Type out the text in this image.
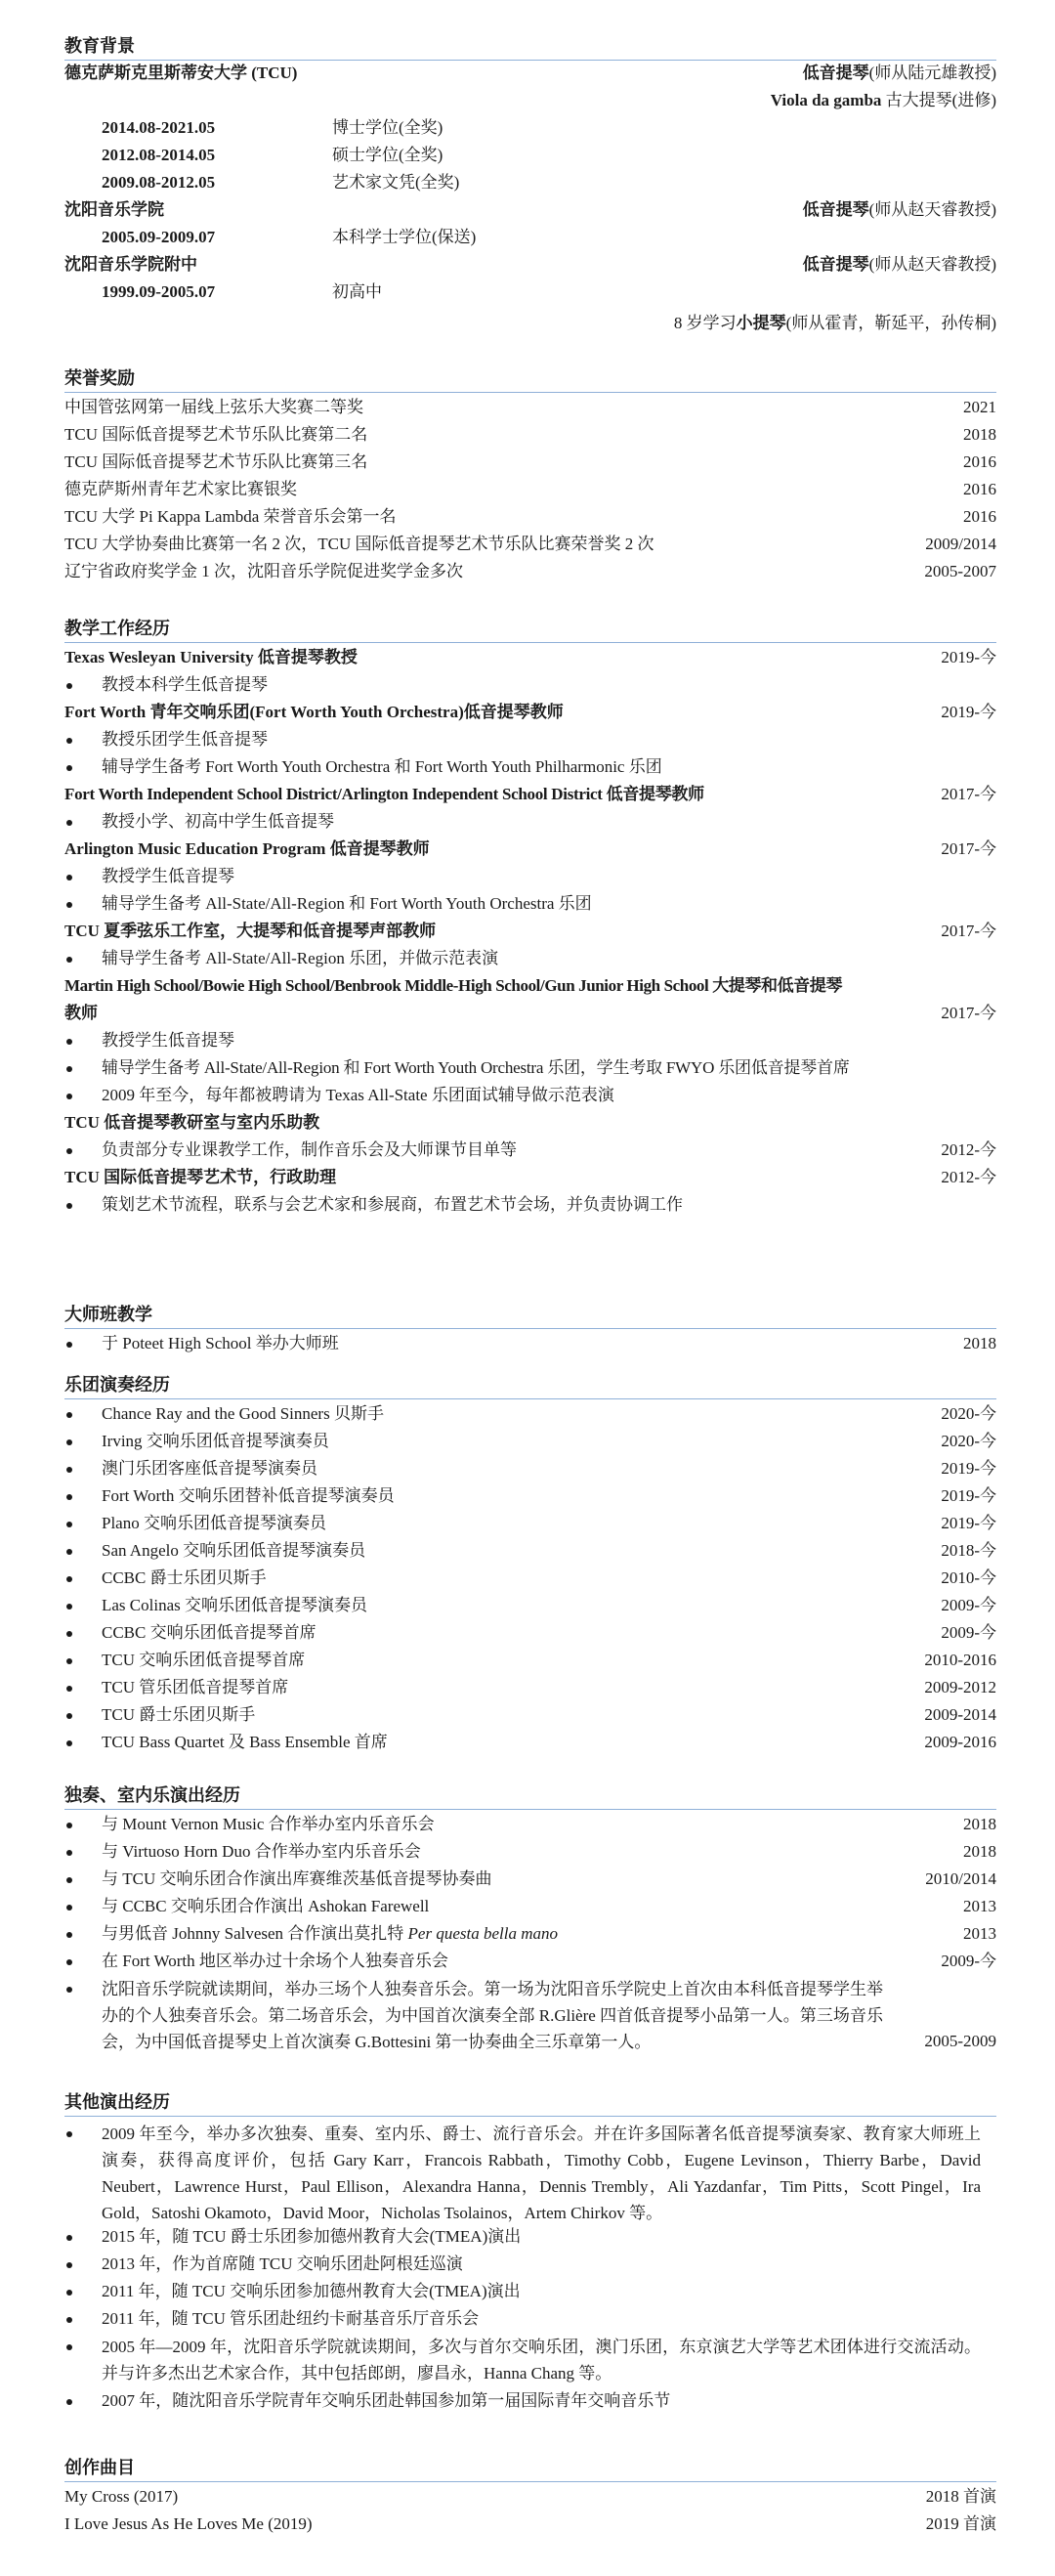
教育背景
德克萨斯克里斯蒂安大学 (TCU)	低音提琴(师从陆元雄教授)
Viola da gamba 古大提琴(进修)
2014.08-2021.05	博士学位(全奖)
2012.08-2014.05	硕士学位(全奖)
2009.08-2012.05	艺术家文凭(全奖)
沈阳音乐学院	低音提琴(师从赵天睿教授)
2005.09-2009.07	本科学士学位(保送)
沈阳音乐学院附中	低音提琴(师从赵天睿教授)
1999.09-2005.07	初高中
8 岁学习小提琴(师从霍青，靳延平，孙传桐)
荣誉奖励
中国管弦网第一届线上弦乐大奖赛二等奖	2021
TCU 国际低音提琴艺术节乐队比赛第二名	2018
TCU 国际低音提琴艺术节乐队比赛第三名	2016
德克萨斯州青年艺术家比赛银奖	2016
TCU 大学 Pi Kappa Lambda 荣誉音乐会第一名	2016
TCU 大学协奏曲比赛第一名 2 次，TCU 国际低音提琴艺术节乐队比赛荣誉奖 2 次	2009/2014
辽宁省政府奖学金 1 次，沈阳音乐学院促进奖学金多次	2005-2007
教学工作经历
Texas Wesleyan University 低音提琴教授	2019-今
教授本科学生低音提琴
Fort Worth 青年交响乐团(Fort Worth Youth Orchestra)低音提琴教师	2019-今
教授乐团学生低音提琴
辅导学生备考 Fort Worth Youth Orchestra 和 Fort Worth Youth Philharmonic 乐团
Fort Worth Independent School District/Arlington Independent School District 低音提琴教师	2017-今
教授小学、初高中学生低音提琴
Arlington Music Education Program 低音提琴教师	2017-今
教授学生低音提琴
辅导学生备考 All-State/All-Region 和 Fort Worth Youth Orchestra 乐团
TCU 夏季弦乐工作室，大提琴和低音提琴声部教师	2017-今
辅导学生备考 All-State/All-Region 乐团，并做示范表演
Martin High School/Bowie High School/Benbrook Middle-High School/Gun Junior High School 大提琴和低音提琴
教师	2017-今
教授学生低音提琴
辅导学生备考 All-State/All-Region 和 Fort Worth Youth Orchestra 乐团，学生考取 FWYO 乐团低音提琴首席
2009 年至今，每年都被聘请为 Texas All-State 乐团面试辅导做示范表演
TCU 低音提琴教研室与室内乐助教
负责部分专业课教学工作，制作音乐会及大师课节目单等	2012-今
TCU 国际低音提琴艺术节，行政助理	2012-今
策划艺术节流程，联系与会艺术家和参展商，布置艺术节会场，并负责协调工作
大师班教学
于 Poteet High School 举办大师班	2018
乐团演奏经历
Chance Ray and the Good Sinners 贝斯手	2020-今
Irving 交响乐团低音提琴演奏员	2020-今
澳门乐团客座低音提琴演奏员	2019-今
Fort Worth 交响乐团替补低音提琴演奏员	2019-今
Plano 交响乐团低音提琴演奏员	2019-今
San Angelo 交响乐团低音提琴演奏员	2018-今
CCBC 爵士乐团贝斯手	2010-今
Las Colinas 交响乐团低音提琴演奏员	2009-今
CCBC 交响乐团低音提琴首席	2009-今
TCU 交响乐团低音提琴首席	2010-2016
TCU 管乐团低音提琴首席	2009-2012
TCU 爵士乐团贝斯手	2009-2014
TCU Bass Quartet 及 Bass Ensemble 首席	2009-2016
独奏、室内乐演出经历
与 Mount Vernon Music 合作举办室内乐音乐会	2018
与 Virtuoso Horn Duo 合作举办室内乐音乐会	2018
与 TCU 交响乐团合作演出库赛维茨基低音提琴协奏曲	2010/2014
与 CCBC 交响乐团合作演出 Ashokan Farewell	2013
与男低音 Johnny Salvesen 合作演出莫扎特 Per questa bella mano	2013
在 Fort Worth 地区举办过十余场个人独奏音乐会	2009-今
沈阳音乐学院就读期间，举办三场个人独奏音乐会。第一场为沈阳音乐学院史上首次由本科低音提琴学生举办的个人独奏音乐会。第二场音乐会，为中国首次演奏全部 R.Glière 四首低音提琴小品第一人。第三场音乐会，为中国低音提琴史上首次演奏 G.Bottesini 第一协奏曲全三乐章第一人。	2005-2009
其他演出经历
2009 年至今，举办多次独奏、重奏、室内乐、爵士、流行音乐会。并在许多国际著名低音提琴演奏家、教育家大师班上演奏，获得高度评价，包括 Gary Karr，Francois Rabbath，Timothy Cobb，Eugene Levinson，Thierry Barbe，David Neubert，Lawrence Hurst，Paul Ellison，Alexandra Hanna，Dennis Trembly，Ali Yazdanfar，Tim Pitts，Scott Pingel，Ira Gold，Satoshi Okamoto，David Moor，Nicholas Tsolainos，Artem Chirkov 等。
2015 年，随 TCU 爵士乐团参加德州教育大会(TMEA)演出
2013 年，作为首席随 TCU 交响乐团赴阿根廷巡演
2011 年，随 TCU 交响乐团参加德州教育大会(TMEA)演出
2011 年，随 TCU 管乐团赴纽约卡耐基音乐厅音乐会
2005 年—2009 年，沈阳音乐学院就读期间，多次与首尔交响乐团，澳门乐团，东京演艺大学等艺术团体进行交流活动。并与许多杰出艺术家合作，其中包括郎朗，廖昌永，Hanna Chang 等。
2007 年，随沈阳音乐学院青年交响乐团赴韩国参加第一届国际青年交响音乐节
创作曲目
My Cross (2017)	2018 首演
I Love Jesus As He Loves Me (2019)	2019 首演
